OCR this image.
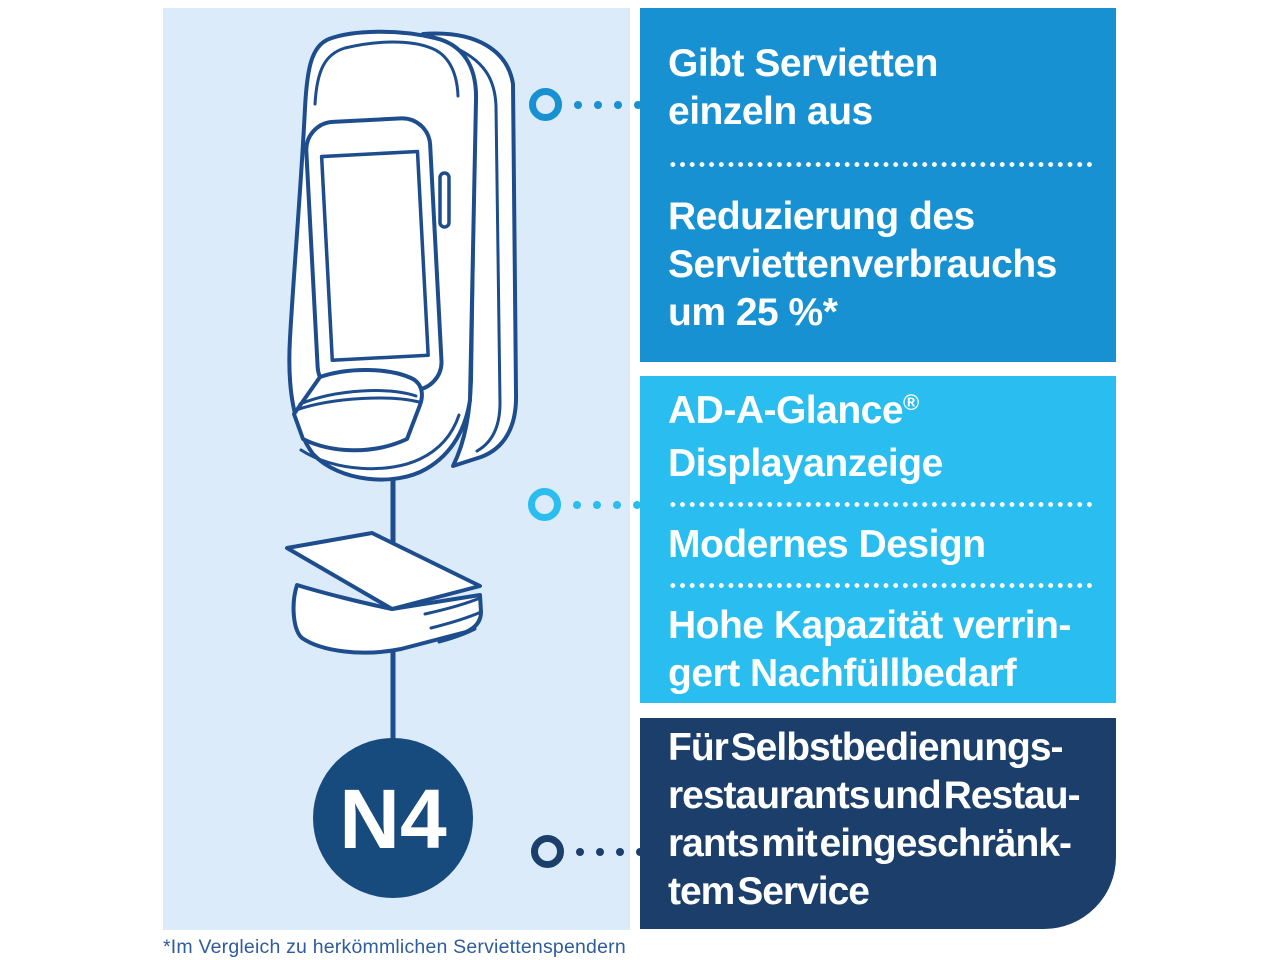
N4
Gibt Servietten
einzeln aus
Reduzierung des
Serviettenverbrauchs
um 25 %*
AD-A-Glance®
Displayanzeige
Modernes Design
Hohe Kapazität verrin-
gert Nachfüllbedarf
Für Selbstbedienungs-
restaurants und Restau-
rants mit eingeschränk-
tem Service
*Im Vergleich zu herkömmlichen Serviettenspendern
